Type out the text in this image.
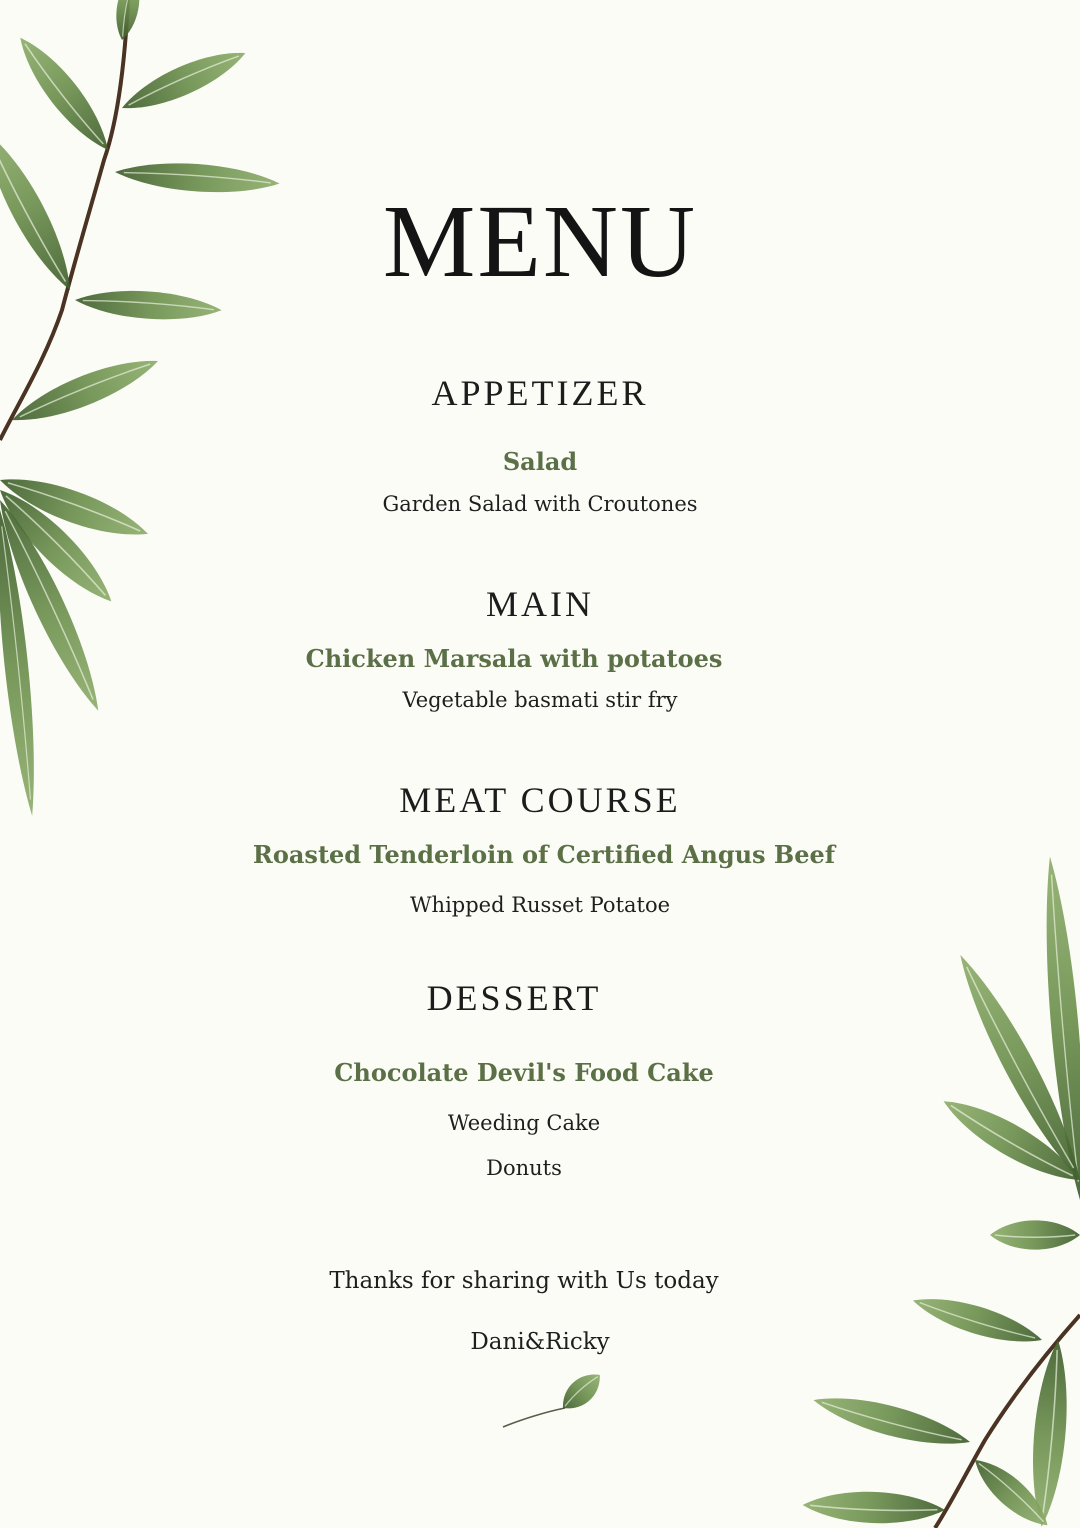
MENU
APPETIZER
Salad
Garden Salad with Croutones
MAIN
Chicken Marsala with potatoes
Vegetable basmati stir fry
MEAT COURSE
Roasted Tenderloin of Certified Angus Beef
Whipped Russet Potatoe
DESSERT
Chocolate Devil's Food Cake
Weeding Cake
Donuts
Thanks for sharing with Us today
Dani&Ricky
